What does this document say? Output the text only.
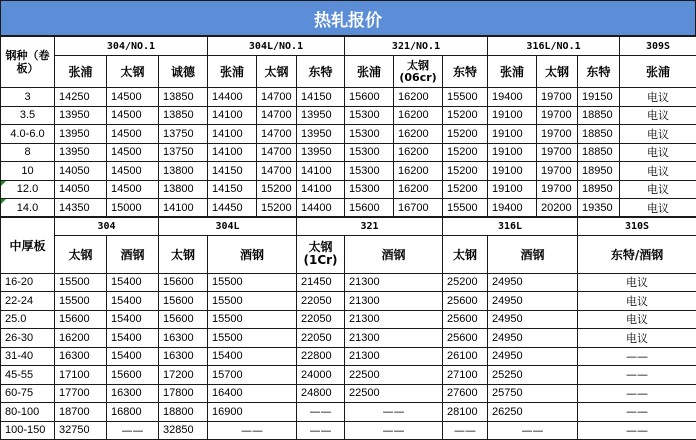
热轧报价
钢种（卷板）	304/NO.1			304L/NO.1			321/NO.1			316L/NO.1			309S
	张浦	太钢	诚德	张浦	太钢	东特	张浦	太钢(06cr)	东特	张浦	太钢	东特	张浦
3	14250	14500	13850	14400	14700	14150	15600	16200	15500	19400	19700	19150	电议
3.5	13950	14500	13850	14100	14700	13950	15300	16200	15200	19100	19700	18850	电议
4.0-6.0	13950	14500	13750	14100	14700	13950	15300	16200	15200	19100	19700	18850	电议
8	13950	14500	13750	14100	14700	13950	15300	16200	15200	19100	19700	18850	电议
10	14050	14500	13800	14150	14700	14100	15300	16200	15200	19100	19700	18950	电议
12.0	14050	14500	13800	14150	15200	14100	15300	16200	15200	19100	19700	18950	电议
14.0	14350	15000	14100	14450	15200	14400	15600	16700	15500	19400	20200	19350	电议
中厚板	304		304L			321			316L			310S	
	太钢	酒钢	太钢	酒钢		太钢(1Cr)	酒钢		太钢	酒钢		东特/酒钢	
16-20	15500	15400	15600	15500		21450	21300		25200	24950		电议	
22-24	15500	15400	15600	15500		22050	21300		25600	24950		电议	
25.0	15600	15400	15600	15500		22050	21300		25600	24950		电议	
26-30	16200	15400	16300	15500		22050	21300		25600	24950		电议	
31-40	16300	15400	16300	15400		22800	21300		26100	24950		——	
45-55	17100	15600	17200	15700		24000	22500		27100	25250		——	
60-75	17700	16300	17800	16400		24800	22500		27600	25750		——	
80-100	18700	16800	18800	16900		——	——		28100	26250		——	
100-150	32750	——	32850	——		——	——		——	——		——	
